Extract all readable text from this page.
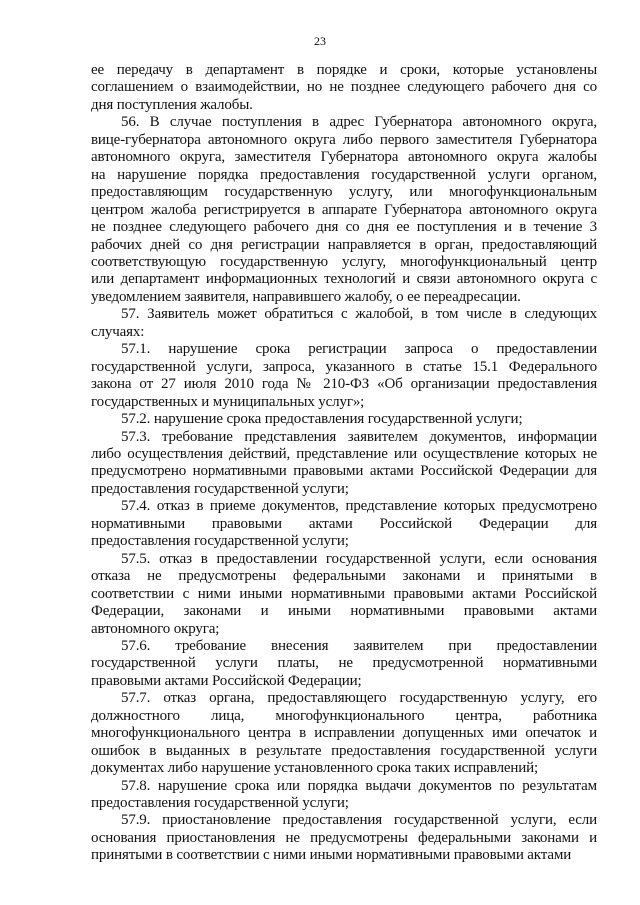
23
ее передачу в департамент в порядке и сроки, которые установлены
соглашением о взаимодействии, но не позднее следующего рабочего дня со
дня поступления жалобы.
56. В случае поступления в адрес Губернатора автономного округа,
вице-губернатора автономного округа либо первого заместителя Губернатора
автономного округа, заместителя Губернатора автономного округа жалобы
на нарушение порядка предоставления государственной услуги органом,
предоставляющим государственную услугу, или многофункциональным
центром жалоба регистрируется в аппарате Губернатора автономного округа
не позднее следующего рабочего дня со дня ее поступления и в течение 3
рабочих дней со дня регистрации направляется в орган, предоставляющий
соответствующую государственную услугу, многофункциональный центр
или департамент информационных технологий и связи автономного округа с
уведомлением заявителя, направившего жалобу, о ее переадресации.
57. Заявитель может обратиться с жалобой, в том числе в следующих
случаях:
57.1. нарушение срока регистрации запроса о предоставлении
государственной услуги, запроса, указанного в статье 15.1 Федерального
закона от 27 июля 2010 года № 210-ФЗ «Об организации предоставления
государственных и муниципальных услуг»;
57.2. нарушение срока предоставления государственной услуги;
57.3. требование представления заявителем документов, информации
либо осуществления действий, представление или осуществление которых не
предусмотрено нормативными правовыми актами Российской Федерации для
предоставления государственной услуги;
57.4. отказ в приеме документов, представление которых предусмотрено
нормативными правовыми актами Российской Федерации для
предоставления государственной услуги;
57.5. отказ в предоставлении государственной услуги, если основания
отказа не предусмотрены федеральными законами и принятыми в
соответствии с ними иными нормативными правовыми актами Российской
Федерации, законами и иными нормативными правовыми актами
автономного округа;
57.6. требование внесения заявителем при предоставлении
государственной услуги платы, не предусмотренной нормативными
правовыми актами Российской Федерации;
57.7. отказ органа, предоставляющего государственную услугу, его
должностного лица, многофункционального центра, работника
многофункционального центра в исправлении допущенных ими опечаток и
ошибок в выданных в результате предоставления государственной услуги
документах либо нарушение установленного срока таких исправлений;
57.8. нарушение срока или порядка выдачи документов по результатам
предоставления государственной услуги;
57.9. приостановление предоставления государственной услуги, если
основания приостановления не предусмотрены федеральными законами и
принятыми в соответствии с ними иными нормативными правовыми актами
